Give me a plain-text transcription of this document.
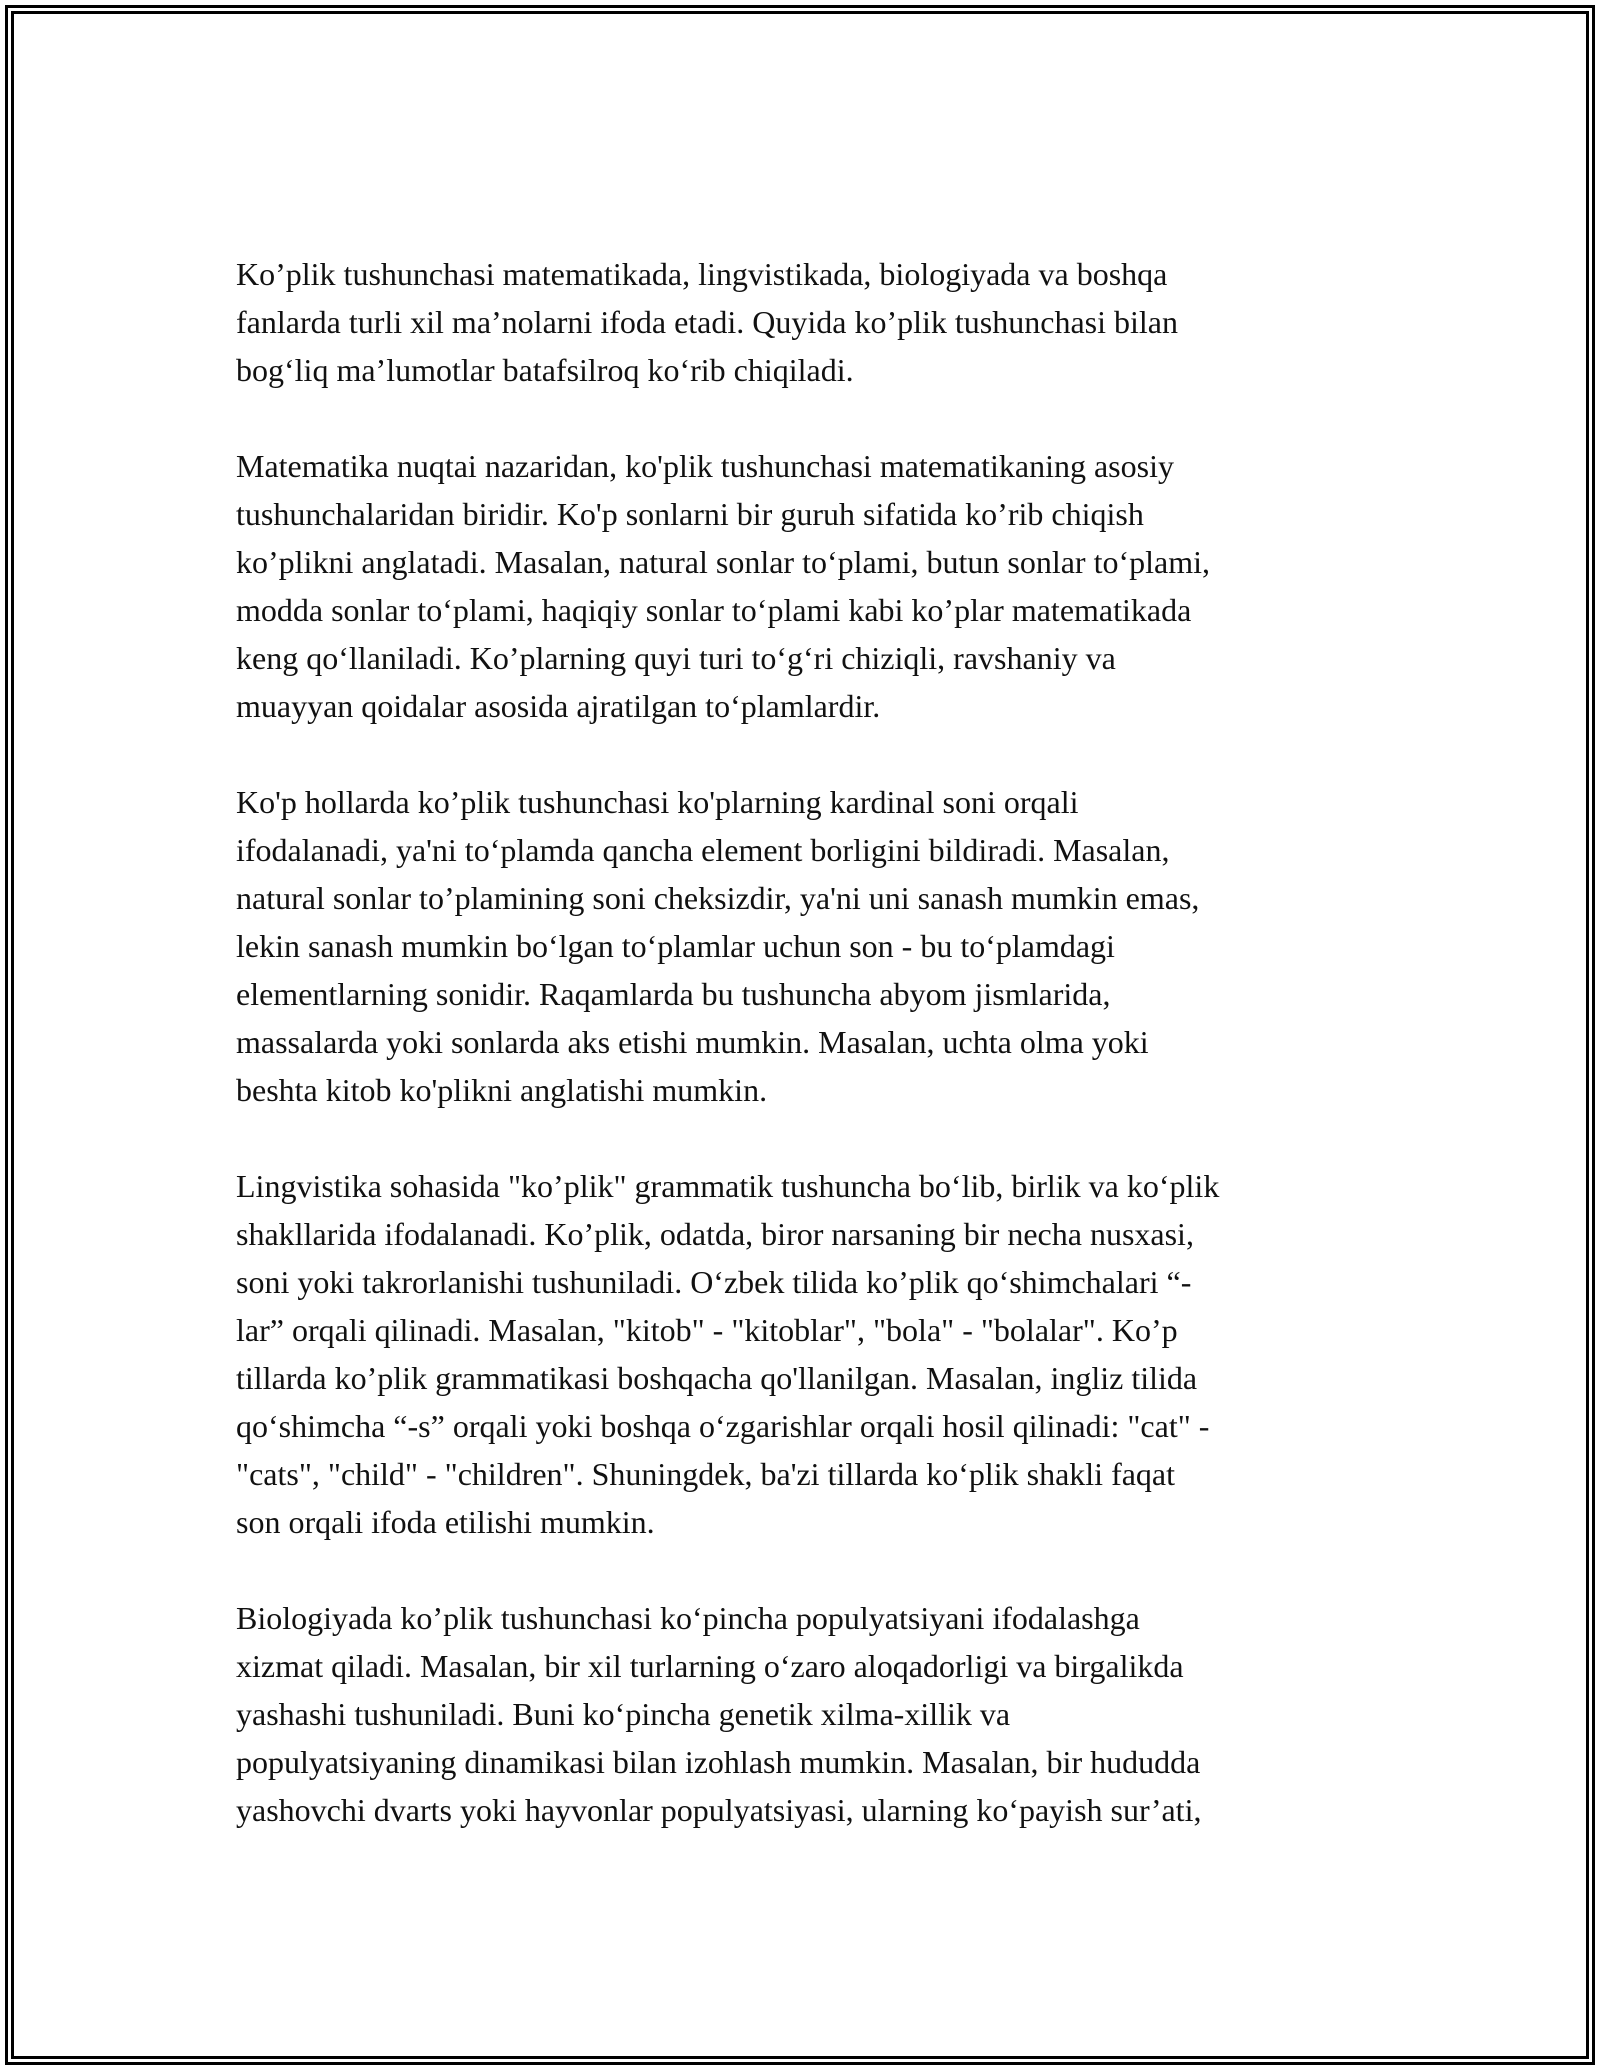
Ko’plik tushunchasi matematikada, lingvistikada, biologiyada va boshqa
fanlarda turli xil ma’nolarni ifoda etadi. Quyida ko’plik tushunchasi bilan
bog‘liq ma’lumotlar batafsilroq ko‘rib chiqiladi.

Matematika nuqtai nazaridan, ko'plik tushunchasi matematikaning asosiy
tushunchalaridan biridir. Ko'p sonlarni bir guruh sifatida ko’rib chiqish
ko’plikni anglatadi. Masalan, natural sonlar to‘plami, butun sonlar to‘plami,
modda sonlar to‘plami, haqiqiy sonlar to‘plami kabi ko’plar matematikada
keng qo‘llaniladi. Ko’plarning quyi turi to‘g‘ri chiziqli, ravshaniy va
muayyan qoidalar asosida ajratilgan to‘plamlardir.

Ko'p hollarda ko’plik tushunchasi ko'plarning kardinal soni orqali
ifodalanadi, ya'ni to‘plamda qancha element borligini bildiradi. Masalan,
natural sonlar to’plamining soni cheksizdir, ya'ni uni sanash mumkin emas,
lekin sanash mumkin bo‘lgan to‘plamlar uchun son - bu to‘plamdagi
elementlarning sonidir. Raqamlarda bu tushuncha abyom jismlarida,
massalarda yoki sonlarda aks etishi mumkin. Masalan, uchta olma yoki
beshta kitob ko'plikni anglatishi mumkin.

Lingvistika sohasida "ko’plik" grammatik tushuncha bo‘lib, birlik va ko‘plik
shakllarida ifodalanadi. Ko’plik, odatda, biror narsaning bir necha nusxasi,
soni yoki takrorlanishi tushuniladi. O‘zbek tilida ko’plik qo‘shimchalari “-
lar” orqali qilinadi. Masalan, "kitob" - "kitoblar", "bola" - "bolalar". Ko’p
tillarda ko’plik grammatikasi boshqacha qo'llanilgan. Masalan, ingliz tilida
qo‘shimcha “-s” orqali yoki boshqa o‘zgarishlar orqali hosil qilinadi: "cat" -
"cats", "child" - "children". Shuningdek, ba'zi tillarda ko‘plik shakli faqat
son orqali ifoda etilishi mumkin.

Biologiyada ko’plik tushunchasi ko‘pincha populyatsiyani ifodalashga
xizmat qiladi. Masalan, bir xil turlarning o‘zaro aloqadorligi va birgalikda
yashashi tushuniladi. Buni ko‘pincha genetik xilma-xillik va
populyatsiyaning dinamikasi bilan izohlash mumkin. Masalan, bir hududda
yashovchi dvarts yoki hayvonlar populyatsiyasi, ularning ko‘payish sur’ati,
